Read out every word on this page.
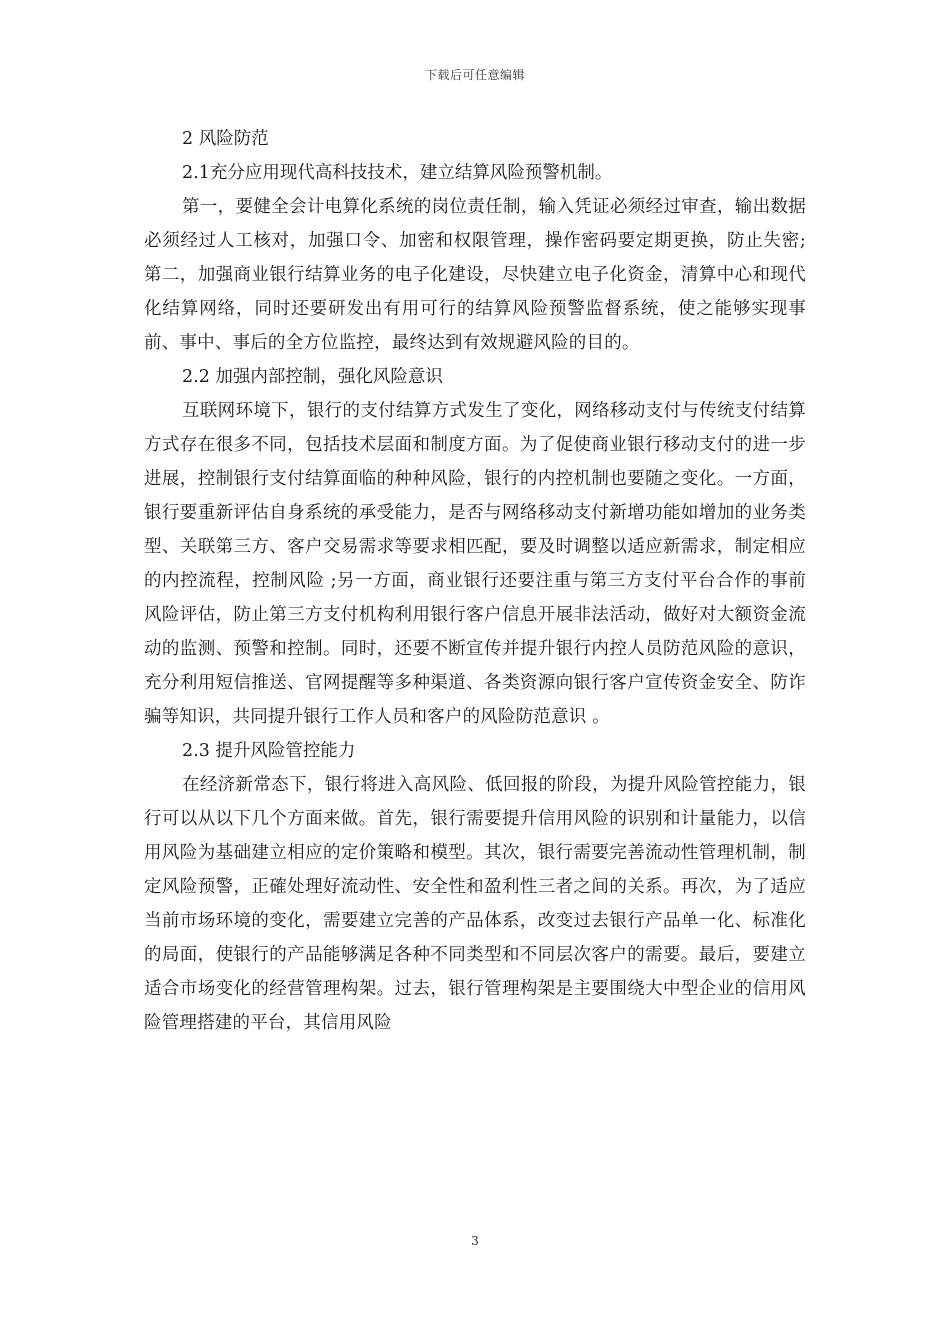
下载后可任意编辑

2 风险防范

2.1充分应用现代高科技技术，建立结算风险预警机制。

第一，要健全会计电算化系统的岗位责任制，输入凭证必须经过审查，输出数据必须经过人工核对，加强口令、加密和权限管理，操作密码要定期更换，防止失密; 第二，加强商业银行结算业务的电子化建设，尽快建立电子化资金，清算中心和现代化结算网络，同时还要研发出有用可行的结算风险预警监督系统，使之能够实现事前、事中、事后的全方位监控，最终达到有效规避风险的目的。

2.2 加强内部控制，强化风险意识

互联网环境下，银行的支付结算方式发生了变化，网络移动支付与传统支付结算方式存在很多不同，包括技术层面和制度方面。为了促使商业银行移动支付的进一步进展，控制银行支付结算面临的种种风险，银行的内控机制也要随之变化。一方面，银行要重新评估自身系统的承受能力，是否与网络移动支付新增功能如增加的业务类型、关联第三方、客户交易需求等要求相匹配，要及时调整以适应新需求，制定相应的内控流程，控制风险 ;另一方面，商业银行还要注重与第三方支付平台合作的事前风险评估，防止第三方支付机构利用银行客户信息开展非法活动，做好对大额资金流动的监测、预警和控制。同时，还要不断宣传并提升银行内控人员防范风险的意识，充分利用短信推送、官网提醒等多种渠道、各类资源向银行客户宣传资金安全、防诈骗等知识，共同提升银行工作人员和客户的风险防范意识 。

2.3 提升风险管控能力

在经济新常态下，银行将进入高风险、低回报的阶段，为提升风险管控能力，银行可以从以下几个方面来做。首先，银行需要提升信用风险的识别和计量能力，以信用风险为基础建立相应的定价策略和模型。其次，银行需要完善流动性管理机制，制定风险预警，正確处理好流动性、安全性和盈利性三者之间的关系。再次，为了适应当前市场环境的变化，需要建立完善的产品体系，改变过去银行产品单一化、标准化的局面，使银行的产品能够满足各种不同类型和不同层次客户的需要。最后，要建立适合市场变化的经营管理构架。过去，银行管理构架是主要围绕大中型企业的信用风险管理搭建的平台，其信用风险

3
